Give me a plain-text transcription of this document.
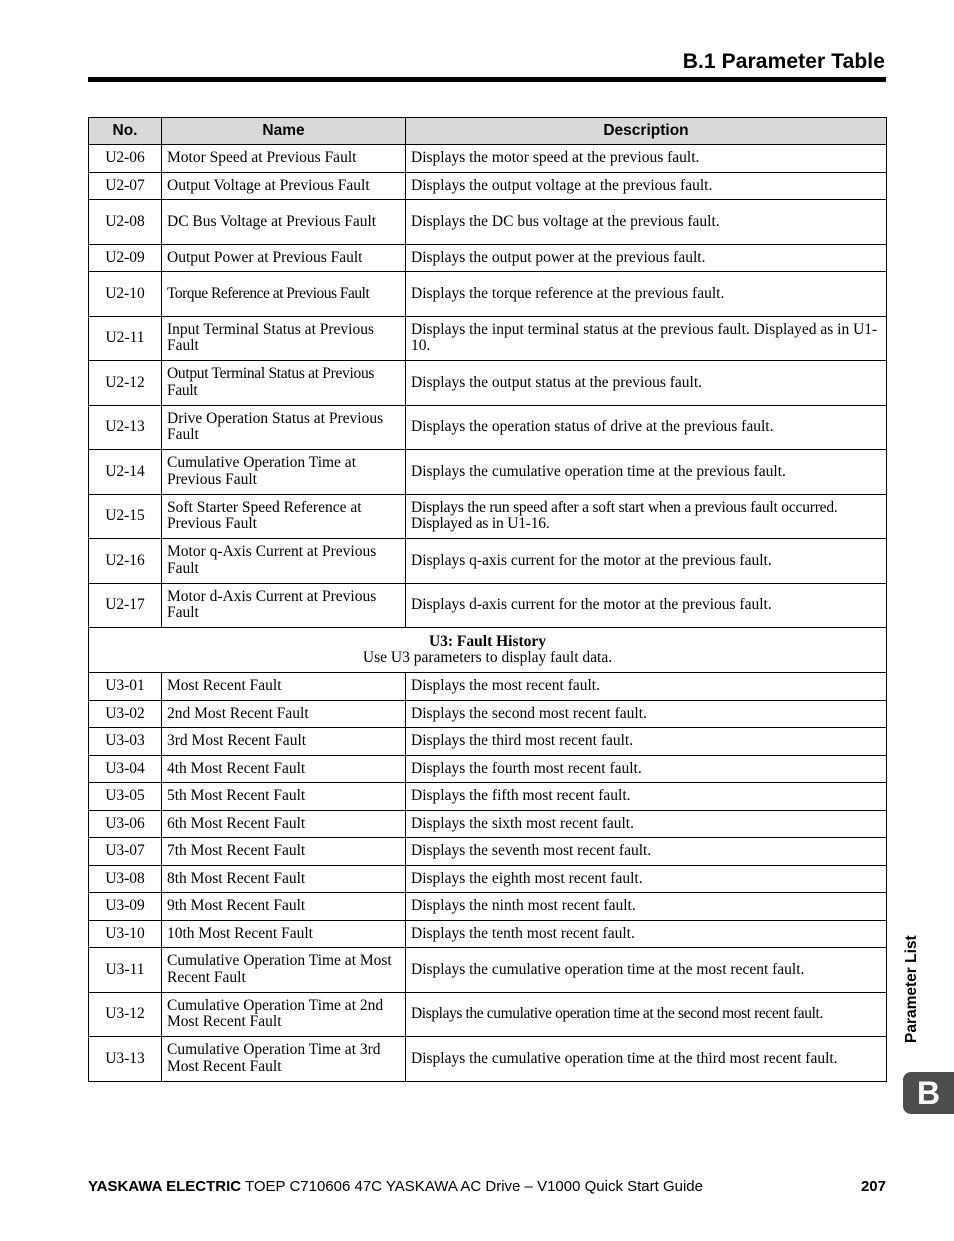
B.1 Parameter Table
No.	Name	Description
U2-06	Motor Speed at Previous Fault	Displays the motor speed at the previous fault.
U2-07	Output Voltage at Previous Fault	Displays the output voltage at the previous fault.
U2-08	DC Bus Voltage at Previous Fault	Displays the DC bus voltage at the previous fault.
U2-09	Output Power at Previous Fault	Displays the output power at the previous fault.
U2-10	Torque Reference at Previous Fault	Displays the torque reference at the previous fault.
U2-11	Input Terminal Status at Previous Fault	Displays the input terminal status at the previous fault. Displayed as in U1-10.
U2-12	Output Terminal Status at Previous Fault	Displays the output status at the previous fault.
U2-13	Drive Operation Status at Previous Fault	Displays the operation status of drive at the previous fault.
U2-14	Cumulative Operation Time at Previous Fault	Displays the cumulative operation time at the previous fault.
U2-15	Soft Starter Speed Reference at Previous Fault	Displays the run speed after a soft start when a previous fault occurred. Displayed as in U1-16.
U2-16	Motor q-Axis Current at Previous Fault	Displays q-axis current for the motor at the previous fault.
U2-17	Motor d-Axis Current at Previous Fault	Displays d-axis current for the motor at the previous fault.

U3: Fault History
Use U3 parameters to display fault data.		

U3-01	Most Recent Fault	Displays the most recent fault.
U3-02	2nd Most Recent Fault	Displays the second most recent fault.
U3-03	3rd Most Recent Fault	Displays the third most recent fault.
U3-04	4th Most Recent Fault	Displays the fourth most recent fault.
U3-05	5th Most Recent Fault	Displays the fifth most recent fault.
U3-06	6th Most Recent Fault	Displays the sixth most recent fault.
U3-07	7th Most Recent Fault	Displays the seventh most recent fault.
U3-08	8th Most Recent Fault	Displays the eighth most recent fault.
U3-09	9th Most Recent Fault	Displays the ninth most recent fault.
U3-10	10th Most Recent Fault	Displays the tenth most recent fault.
U3-11	Cumulative Operation Time at Most Recent Fault	Displays the cumulative operation time at the most recent fault.
U3-12	Cumulative Operation Time at 2nd Most Recent Fault	Displays the cumulative operation time at the second most recent fault.
U3-13	Cumulative Operation Time at 3rd Most Recent Fault	Displays the cumulative operation time at the third most recent fault.
Parameter List
B
YASKAWA ELECTRIC TOEP C710606 47C YASKAWA AC Drive – V1000 Quick Start Guide	207
